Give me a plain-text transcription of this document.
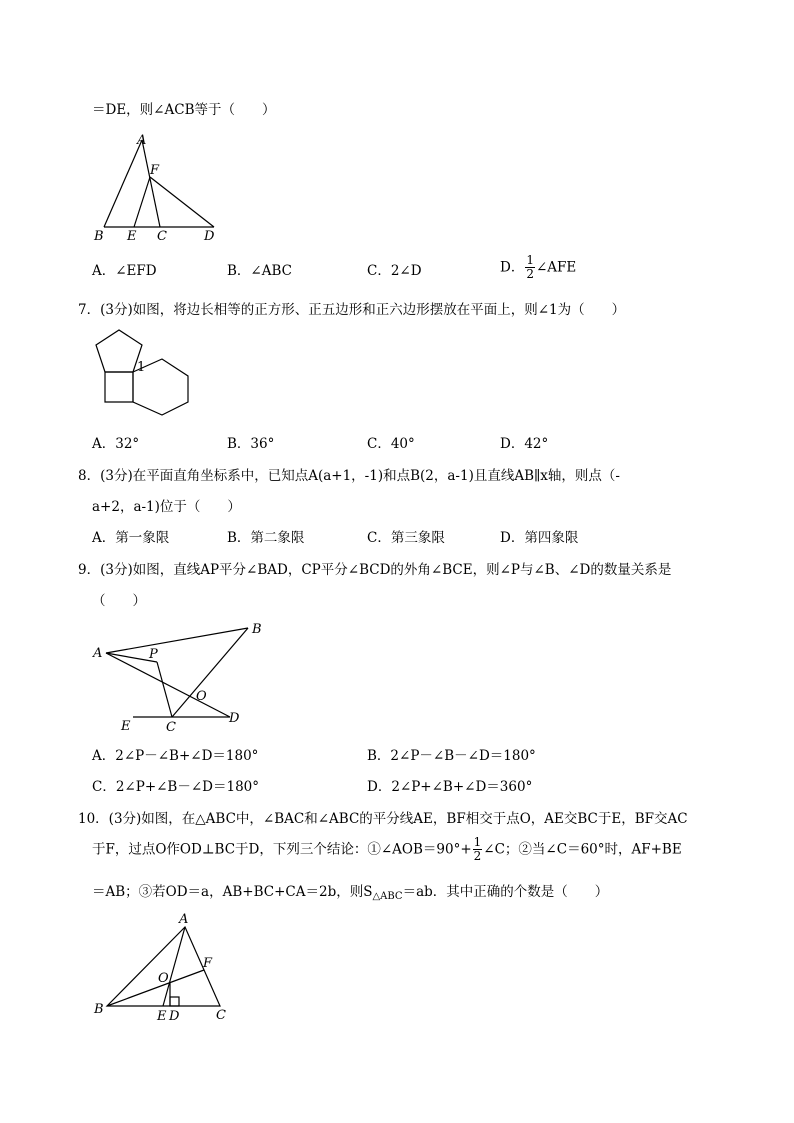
＝DE，则∠ACB等于（　　）
A
F
B E C	D
A．∠EFD	B．∠ABC	C．2∠D	D． $\frac{1}{2}$ ∠AFE
7．(3分)如图，将边长相等的正方形、正五边形和正六边形摆放在平面上，则∠1为（　　）
1
A．32°	B．36°	C．40°	D．42°
8．(3分)在平面直角坐标系中，已知点A(a+1，-1)和点B(2，a-1)且直线AB∥x轴，则点（-
a+2，a-1)位于（　　）
A．第一象限	B．第二象限	C．第三象限	D．第四象限
9．(3分)如图，直线AP平分∠BAD，CP平分∠BCD的外角∠BCE，则∠P与∠B、∠D的数量关系是
（　　）
B
A	P
O
E	C
D
A．2∠P－∠B+∠D＝180°	B．2∠P－∠B－∠D＝180°
C．2∠P+∠B－∠D＝180°	D．2∠P+∠B+∠D＝360°
10．(3分)如图，在△ABC中，∠BAC和∠ABC的平分线AE，BF相交于点O，AE交BC于E，BF交AC
于F，过点O作OD⊥BC于D，下列三个结论：①∠AOB＝90°+ $\frac{1}{2}$ ∠C；②当∠C＝60°时，AF+BE
＝AB；③若OD＝a，AB+BC+CA＝2b，则$S_{\triangle ABC}=ab$．其中正确的个数是（　　）
A
F
O
B	E D	C
